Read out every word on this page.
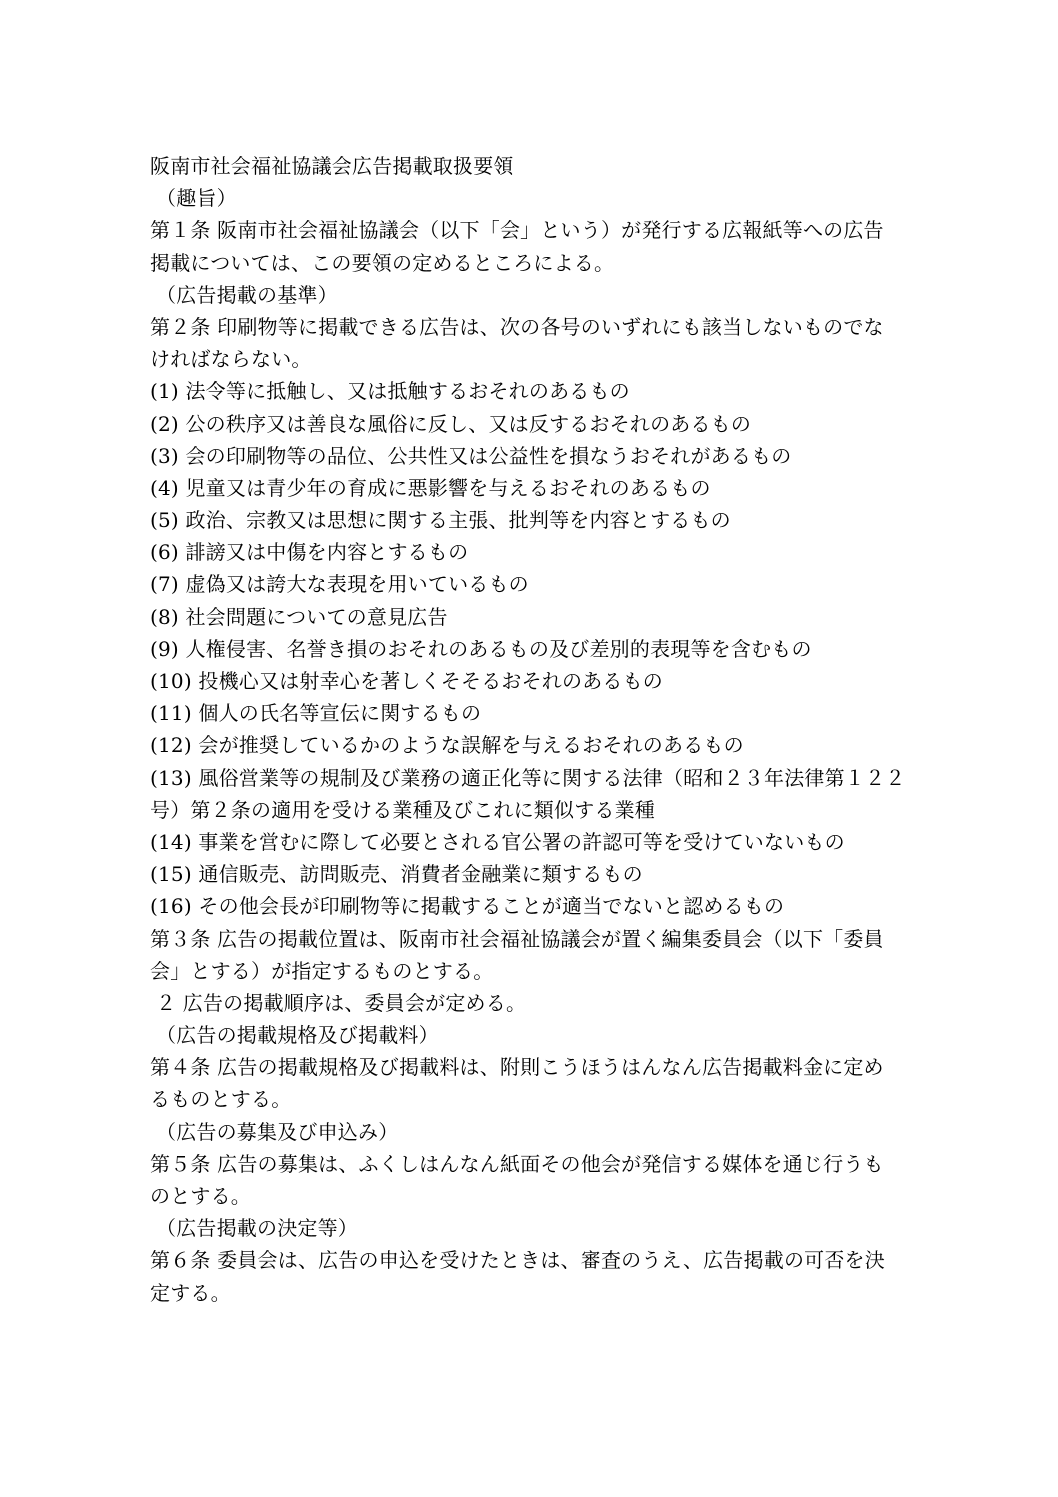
阪南市社会福祉協議会広告掲載取扱要領
（趣旨）
第１条 阪南市社会福祉協議会（以下「会」という）が発行する広報紙等への広告
掲載については、この要領の定めるところによる。
（広告掲載の基準）
第２条 印刷物等に掲載できる広告は、次の各号のいずれにも該当しないものでな
ければならない。
(1) 法令等に抵触し、又は抵触するおそれのあるもの
(2) 公の秩序又は善良な風俗に反し、又は反するおそれのあるもの
(3) 会の印刷物等の品位、公共性又は公益性を損なうおそれがあるもの
(4) 児童又は青少年の育成に悪影響を与えるおそれのあるもの
(5) 政治、宗教又は思想に関する主張、批判等を内容とするもの
(6) 誹謗又は中傷を内容とするもの
(7) 虚偽又は誇大な表現を用いているもの
(8) 社会問題についての意見広告
(9) 人権侵害、名誉き損のおそれのあるもの及び差別的表現等を含むもの
(10) 投機心又は射幸心を著しくそそるおそれのあるもの
(11) 個人の氏名等宣伝に関するもの
(12) 会が推奨しているかのような誤解を与えるおそれのあるもの
(13) 風俗営業等の規制及び業務の適正化等に関する法律（昭和２３年法律第１２２
号）第２条の適用を受ける業種及びこれに類似する業種
(14) 事業を営むに際して必要とされる官公署の許認可等を受けていないもの
(15) 通信販売、訪問販売、消費者金融業に類するもの
(16) その他会長が印刷物等に掲載することが適当でないと認めるもの
第３条 広告の掲載位置は、阪南市社会福祉協議会が置く編集委員会（以下「委員
会」とする）が指定するものとする。
２ 広告の掲載順序は、委員会が定める。
（広告の掲載規格及び掲載料）
第４条 広告の掲載規格及び掲載料は、附則こうほうはんなん広告掲載料金に定め
るものとする。
（広告の募集及び申込み）
第５条 広告の募集は、ふくしはんなん紙面その他会が発信する媒体を通じ行うも
のとする。
（広告掲載の決定等）
第６条 委員会は、広告の申込を受けたときは、審査のうえ、広告掲載の可否を決
定する。
